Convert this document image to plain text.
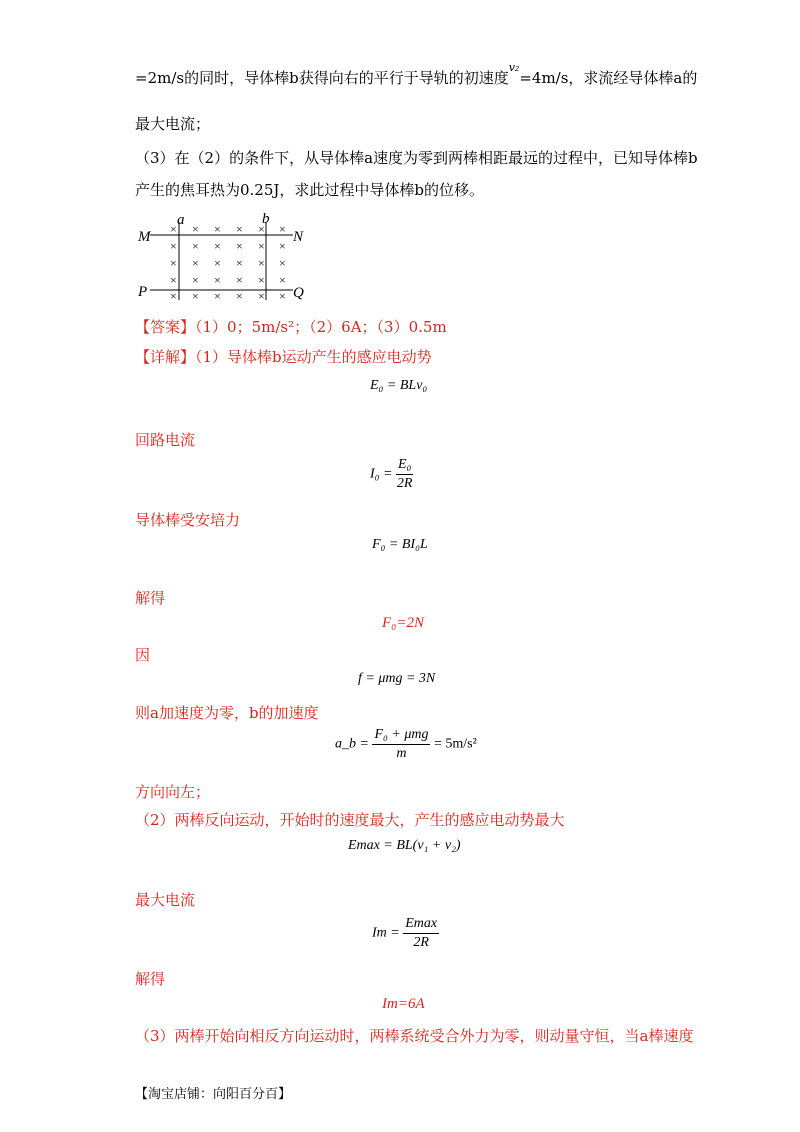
=2m/s的同时，导体棒b获得向右的平行于导轨的初速度$^{v_2}$=4m/s，求流经导体棒a的
最大电流；
（3）在（2）的条件下，从导体棒a速度为零到两棒相距最远的过程中，已知导体棒b
产生的焦耳热为0.25J，求此过程中导体棒b的位移。
M	N
P	Q
a	b
× × × × × ×
× × × × × ×
× × × × × ×
× × × × × ×
× × × × × ×
【答案】（1）0；5m/s²；（2）6A；（3）0.5m
【详解】（1）导体棒b运动产生的感应电动势
E₀ = BLv₀
回路电流
$I_0 = \frac{\text{E₀}}{2R}$
导体棒受安培力
F₀ = BI₀L
解得
F₀=2N
因
f = μmg = 3N
则a加速度为零，b的加速度
a_b = $\frac{\text{F₀ + μmg}}{m} = 5m/s^2$
方向向左；
（2）两棒反向运动，开始时的速度最大，产生的感应电动势最大
Emax = BL(v₁ + v₂)
最大电流
$Im = \frac{Emax}{2R}$
解得
Im=6A
（3）两棒开始向相反方向运动时，两棒系统受合外力为零，则动量守恒，当a棒速度
【淘宝店铺：向阳百分百】
